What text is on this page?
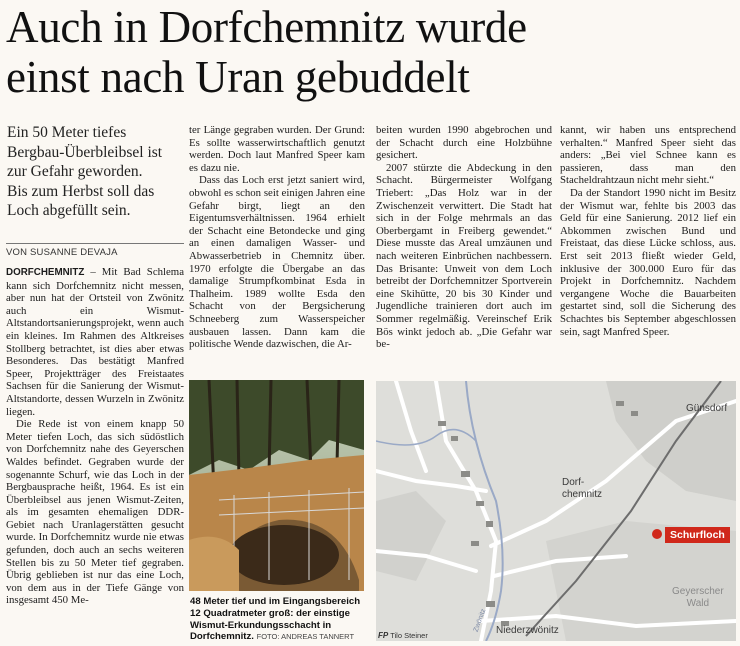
Auch in Dorfchemnitz wurde
einst nach Uran gebuddelt
Ein 50 Meter tiefes
Bergbau-Überbleibsel ist
zur Gefahr geworden.
Bis zum Herbst soll das
Loch abgefüllt sein.
VON SUSANNE DEVAJA

DORFCHEMNITZ – Mit Bad Schlema kann sich Dorfchemnitz nicht messen, aber nun hat der Ortsteil von Zwönitz auch ein Wismut-Altstandortsanierungsprojekt, wenn auch ein kleines. Im Rahmen des Altkreises Stollberg betrachtet, ist dies aber etwas Besonderes. Das bestätigt Manfred Speer, Projektträger des Freistaates Sachsen für die Sanierung der Wismut-Altstandorte, dessen Wurzeln in Zwönitz liegen.

Die Rede ist von einem knapp 50 Meter tiefen Loch, das sich südöstlich von Dorfchemnitz nahe des Geyerschen Waldes befindet. Gegraben wurde der sogenannte Schurf, wie das Loch in der Bergbausprache heißt, 1964. Es ist ein Überbleibsel aus jenen Wismut-Zeiten, als im gesamten ehemaligen DDR-Gebiet nach Uranlagerstätten gesucht wurde. In Dorfchemnitz wurde nie etwas gefunden, doch auch an sechs weiteren Stellen bis zu 50 Meter tief gegraben. Übrig geblieben ist nur das eine Loch, von dem aus in der Tiefe Gänge von insgesamt 450 Me-

ter Länge gegraben wurden. Der Grund: Es sollte wasserwirtschaftlich genutzt werden. Doch laut Manfred Speer kam es dazu nie.

Dass das Loch erst jetzt saniert wird, obwohl es schon seit einigen Jahren eine Gefahr birgt, liegt an den Eigentumsverhältnissen. 1964 erhielt der Schacht eine Betondecke und ging an einen damaligen Wasser- und Abwasserbetrieb in Chemnitz über. 1970 erfolgte die Übergabe an das damalige Strumpfkombinat Esda in Thalheim. 1989 wollte Esda den Schacht von der Bergsicherung Schneeberg zum Wasserspeicher ausbauen lassen. Dann kam die politische Wende dazwischen, die Ar-

beiten wurden 1990 abgebrochen und der Schacht durch eine Holzbühne gesichert.

2007 stürzte die Abdeckung in den Schacht. Bürgermeister Wolfgang Triebert: „Das Holz war in der Zwischenzeit verwittert. Die Stadt hat sich in der Folge mehrmals an das Oberbergamt in Freiberg gewendet.“ Diese musste das Areal umzäunen und nach weiteren Einbrüchen nachbessern. Das Brisante: Unweit von dem Loch betreibt der Dorfchemnitzer Sportverein eine Skihütte, 20 bis 30 Kinder und Jugendliche trainieren dort auch im Sommer regelmäßig. Vereinschef Erik Bös winkt jedoch ab. „Die Gefahr war be-

kannt, wir haben uns entsprechend verhalten.“ Manfred Speer sieht das anders: „Bei viel Schnee kann es passieren, dass man den Stacheldrahtzaun nicht mehr sieht.“

Da der Standort 1990 nicht im Besitz der Wismut war, fehlte bis 2003 das Geld für eine Sanierung. 2012 lief ein Abkommen zwischen Bund und Freistaat, das diese Lücke schloss, aus. Erst seit 2013 fließt wieder Geld, inklusive der 300.000 Euro für das Projekt in Dorfchemnitz. Nachdem vergangene Woche die Bauarbeiten gestartet sind, soll die Sicherung des Schachtes bis September abgeschlossen sein, sagt Manfred Speer.

48 Meter tief und im Eingangsbereich 12 Quadratmeter groß: der einstige Wismut-Erkundungsschacht in Dorfchemnitz. FOTO: ANDREAS TANNERT
Günsdorf
Dorf-
chemnitz
Schurfloch
Geyerscher
Wald
Niederzwönitz
Zwönitz
FP Tilo Steiner
